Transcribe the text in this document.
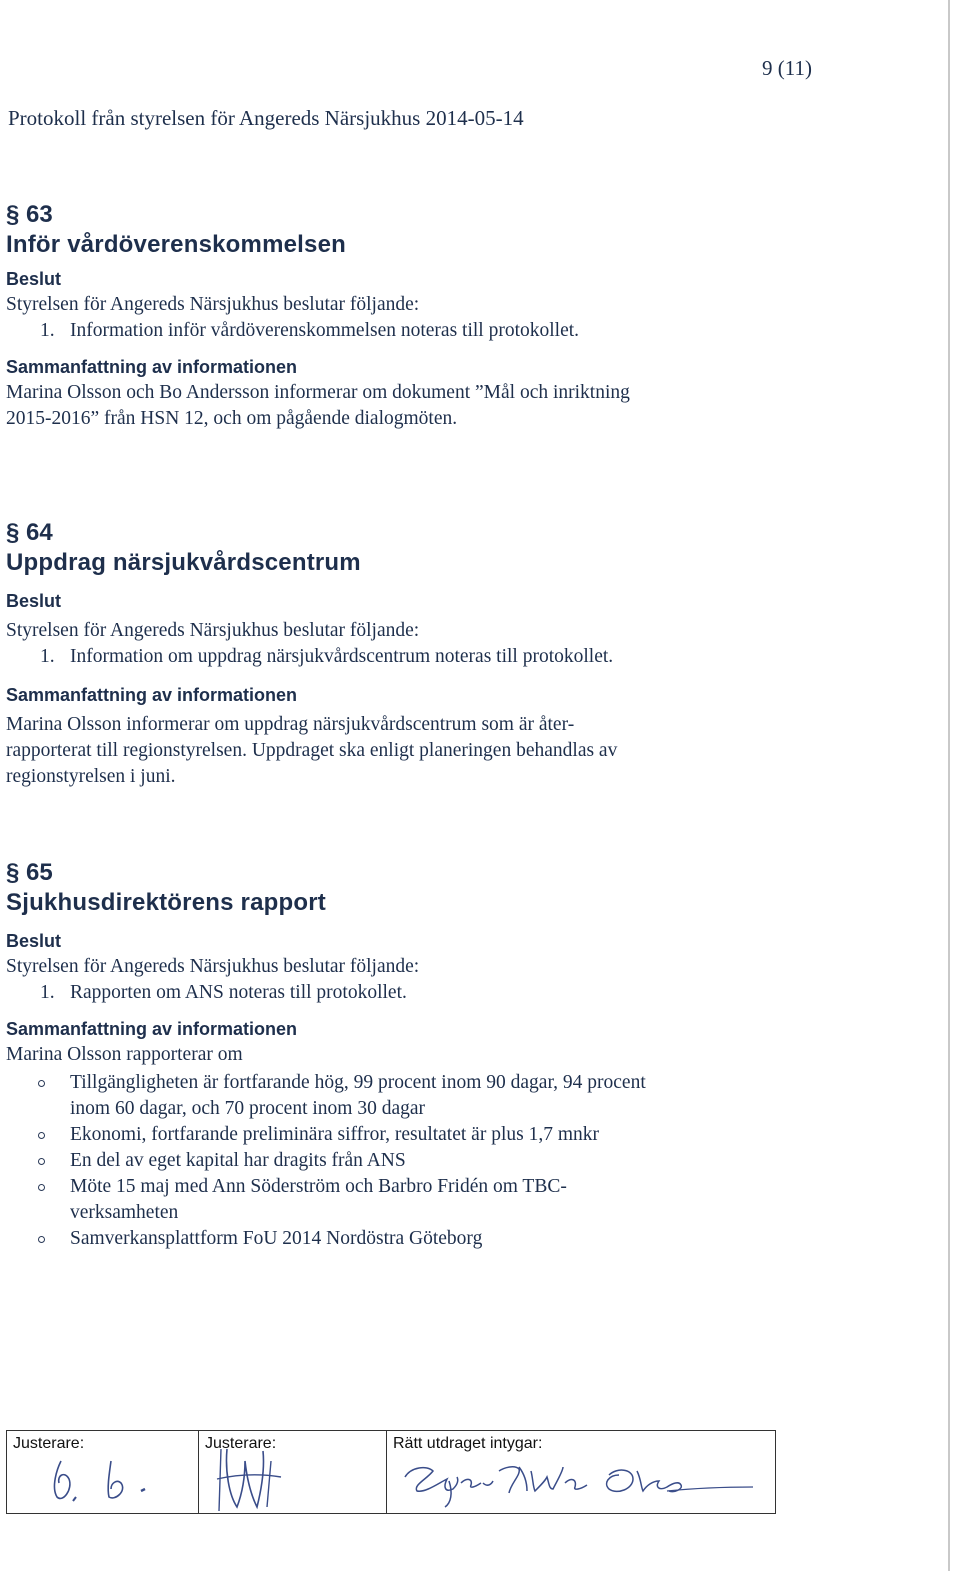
9 (11)
Protokoll från styrelsen för Angereds Närsjukhus 2014-05-14
§ 63
Inför vårdöverenskommelsen
Beslut
Styrelsen för Angereds Närsjukhus beslutar följande:
1. Information inför vårdöverenskommelsen noteras till protokollet.
Sammanfattning av informationen
Marina Olsson och Bo Andersson informerar om dokument ”Mål och inriktning
2015-2016” från HSN 12, och om pågående dialogmöten.
§ 64
Uppdrag närsjukvårdscentrum
Beslut
Styrelsen för Angereds Närsjukhus beslutar följande:
1. Information om uppdrag närsjukvårdscentrum noteras till protokollet.
Sammanfattning av informationen
Marina Olsson informerar om uppdrag närsjukvårdscentrum som är åter-
rapporterat till regionstyrelsen. Uppdraget ska enligt planeringen behandlas av
regionstyrelsen i juni.
§ 65
Sjukhusdirektörens rapport
Beslut
Styrelsen för Angereds Närsjukhus beslutar följande:
1. Rapporten om ANS noteras till protokollet.
Sammanfattning av informationen
Marina Olsson rapporterar om
Tillgängligheten är fortfarande hög, 99 procent inom 90 dagar, 94 procent
inom 60 dagar, och 70 procent inom 30 dagar
Ekonomi, fortfarande preliminära siffror, resultatet är plus 1,7 mnkr
En del av eget kapital har dragits från ANS
Möte 15 maj med Ann Söderström och Barbro Fridén om TBC-
verksamheten
Samverkansplattform FoU 2014 Nordöstra Göteborg
Justerare:	Justerare:	Rätt utdraget intygar:
